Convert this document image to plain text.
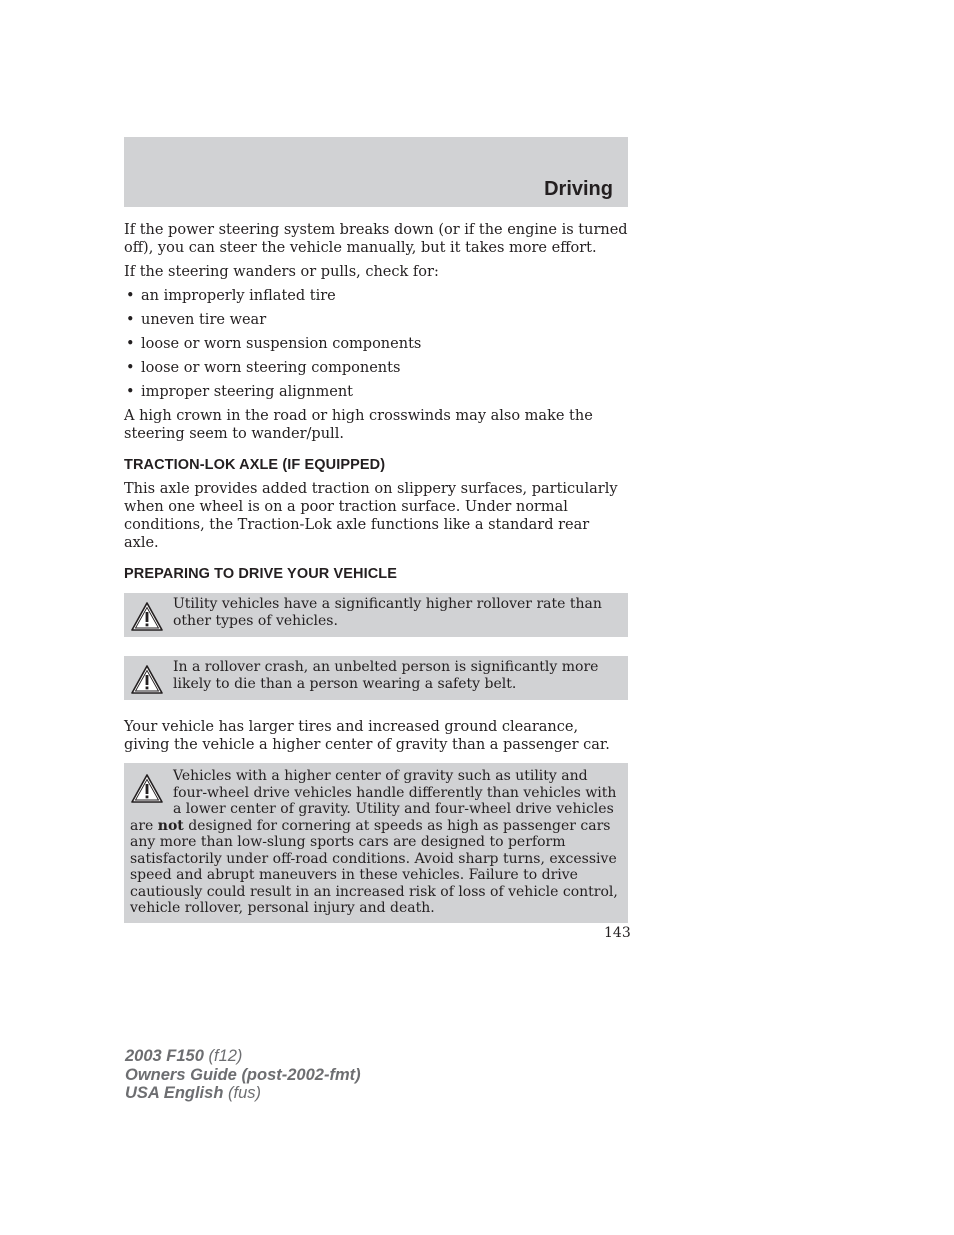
Driving

If the power steering system breaks down (or if the engine is turned off), you can steer the vehicle manually, but it takes more effort.

If the steering wanders or pulls, check for:

• an improperly inflated tire
• uneven tire wear
• loose or worn suspension components
• loose or worn steering components
• improper steering alignment

A high crown in the road or high crosswinds may also make the steering seem to wander/pull.

TRACTION-LOK AXLE (IF EQUIPPED)

This axle provides added traction on slippery surfaces, particularly when one wheel is on a poor traction surface. Under normal conditions, the Traction-Lok axle functions like a standard rear axle.

PREPARING TO DRIVE YOUR VEHICLE

Utility vehicles have a significantly higher rollover rate than other types of vehicles.

In a rollover crash, an unbelted person is significantly more likely to die than a person wearing a safety belt.

Your vehicle has larger tires and increased ground clearance, giving the vehicle a higher center of gravity than a passenger car.

Vehicles with a higher center of gravity such as utility and four-wheel drive vehicles handle differently than vehicles with a lower center of gravity. Utility and four-wheel drive vehicles are not designed for cornering at speeds as high as passenger cars any more than low-slung sports cars are designed to perform satisfactorily under off-road conditions. Avoid sharp turns, excessive speed and abrupt maneuvers in these vehicles. Failure to drive cautiously could result in an increased risk of loss of vehicle control, vehicle rollover, personal injury and death.

143
2003 F150 (f12)
Owners Guide (post-2002-fmt)
USA English (fus)
